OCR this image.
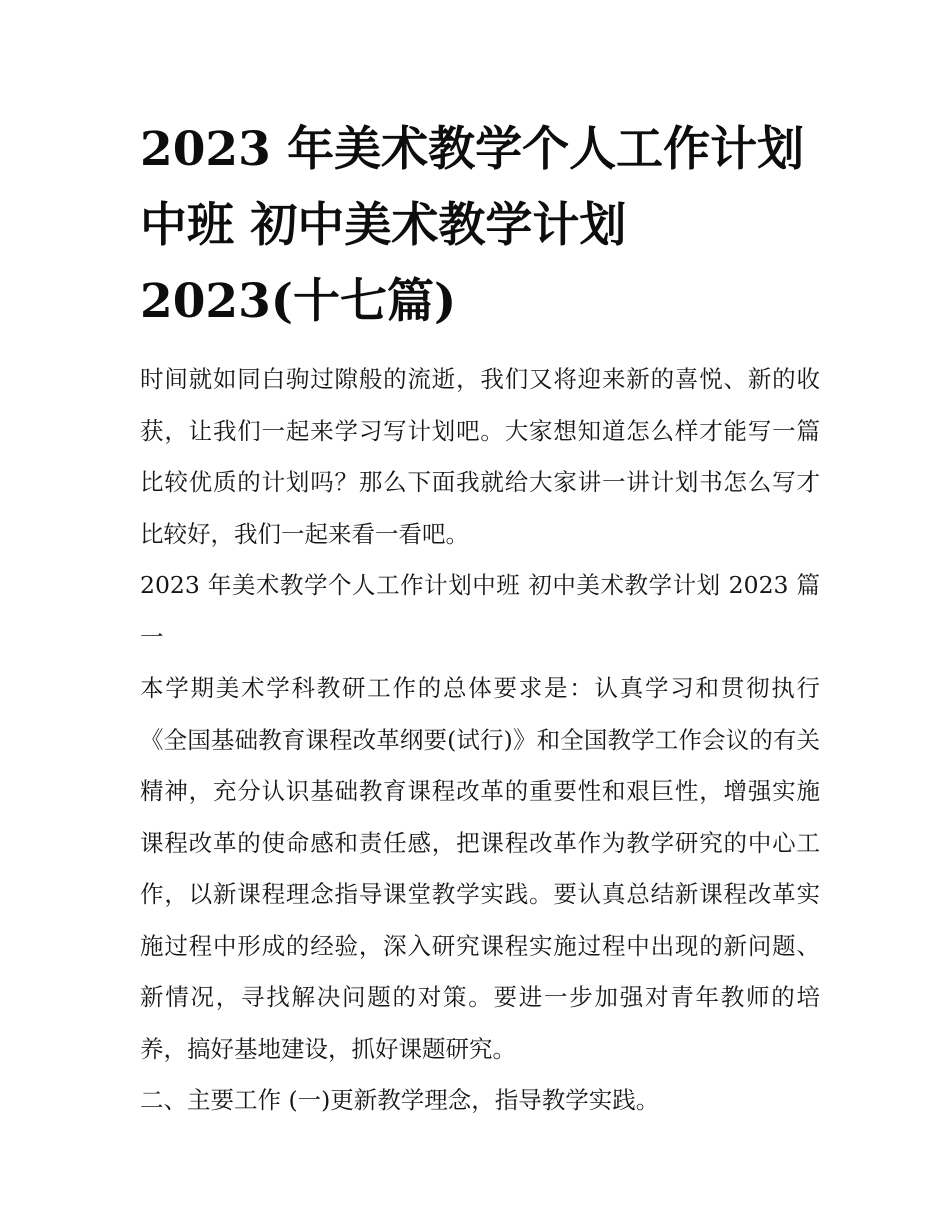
2023 年美术教学个人工作计划
中班 初中美术教学计划
2023(十七篇)

时间就如同白驹过隙般的流逝，我们又将迎来新的喜悦、新的收获，让我们一起来学习写计划吧。大家想知道怎么样才能写一篇比较优质的计划吗？那么下面我就给大家讲一讲计划书怎么写才比较好，我们一起来看一看吧。

2023 年美术教学个人工作计划中班 初中美术教学计划 2023 篇一

本学期美术学科教研工作的总体要求是：认真学习和贯彻执行《全国基础教育课程改革纲要(试行)》和全国教学工作会议的有关精神，充分认识基础教育课程改革的重要性和艰巨性，增强实施课程改革的使命感和责任感，把课程改革作为教学研究的中心工作，以新课程理念指导课堂教学实践。要认真总结新课程改革实施过程中形成的经验，深入研究课程实施过程中出现的新问题、新情况，寻找解决问题的对策。要进一步加强对青年教师的培养，搞好基地建设，抓好课题研究。

二、主要工作 (一)更新教学理念，指导教学实践。
